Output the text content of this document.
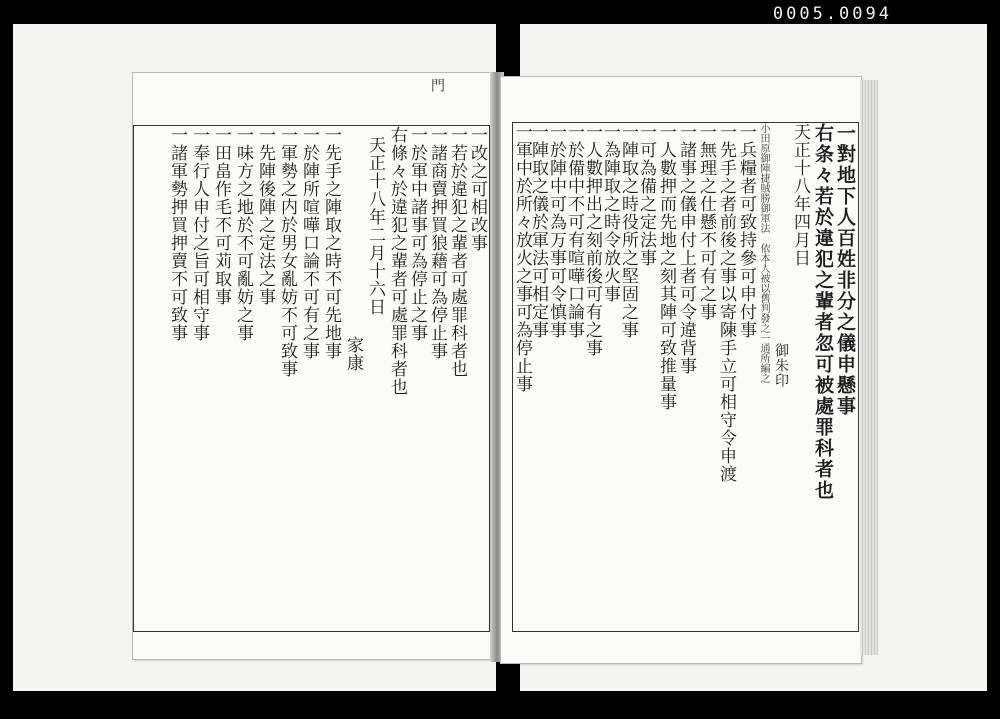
0005.0094
門
一對地下人百姓非分之儀申懸事
右条々若於違犯之輩者忽可被處罪科者也
天正十八年四月日
御朱印
小田原御陣捷賊勝御軍法　依本人被以舊判發之一通所編之
一兵糧者可致持參可申付事
一先手之者前後之事以寄陳手立可相守令申渡
一無理之仕懸不可有之事
一諸事之儀申付上者可令違背事
一人數押而先地之刻其陣可致推量事
一可為備之定法事
一陣取之時役所之堅固之事
一為陣取之時令放火事
一人數押出之刻前後可有之事
一於備中不可有喧嘩口論事
一於陣中可為万事可令慎事
一陣取之儀於軍法可相定事
一軍中於所々放火之事可為停止事
一改之可相改事
一若於違犯之輩者可處罪科者也
一諸商賣押買狼藉可為停止事
一於軍中諸事可為停止之事
右條々於違犯之輩者可處罪科者也
天正十八年二月十六日
家康
一先手之陣取之時不可先地事
一於陣所喧嘩口論不可有之事
一軍勢之内於男女亂妨不可致事
一先陣後陣之定法之事
一味方之地於不可亂妨之事
一田畠作毛不可苅取事
一奉行人申付之旨可相守事
一諸軍勢押買押賣不可致事
